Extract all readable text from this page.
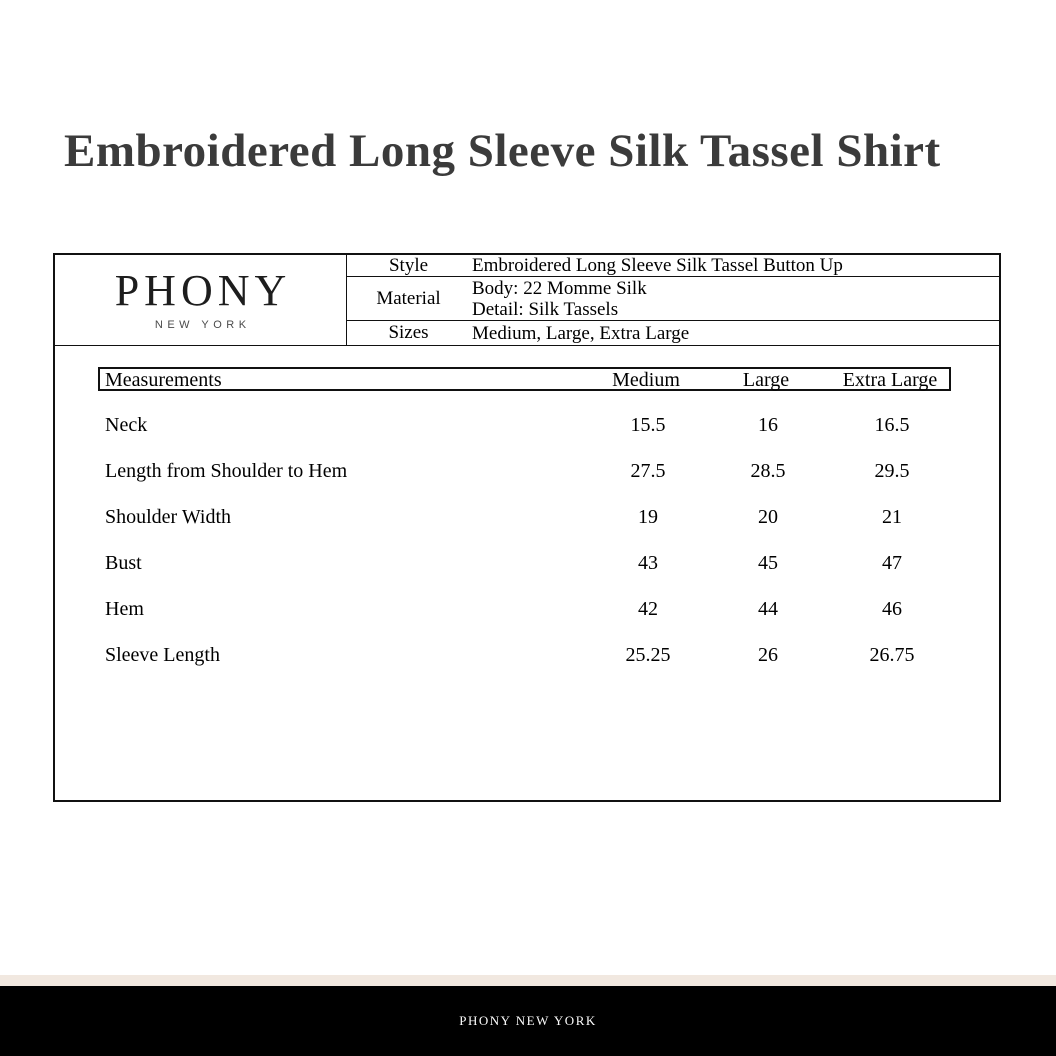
Embroidered Long Sleeve Silk Tassel Shirt
PHONY
NEW YORK
Style	Embroidered Long Sleeve Silk Tassel Button Up
Material	Body: 22 Momme Silk
Detail: Silk Tassels
Sizes	Medium, Large, Extra Large
Measurements	Medium	Large	Extra Large
Neck	15.5	16	16.5
Length from Shoulder to Hem	27.5	28.5	29.5
Shoulder Width	19	20	21
Bust	43	45	47
Hem	42	44	46
Sleeve Length	25.25	26	26.75
PHONY NEW YORK
